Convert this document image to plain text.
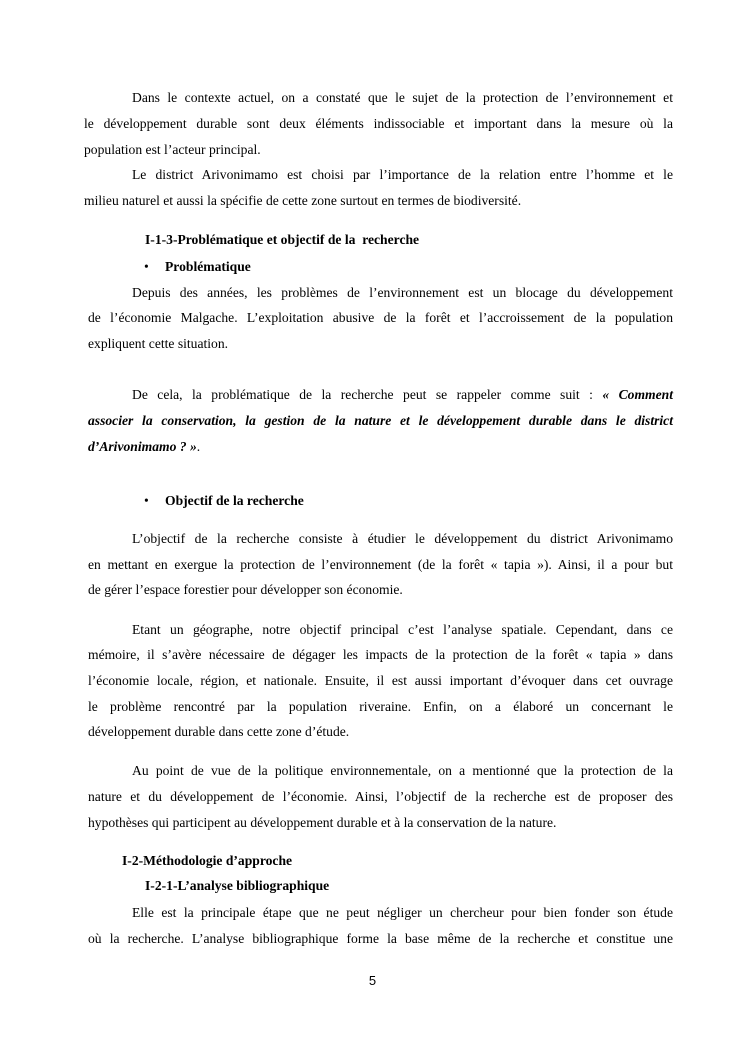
Dans le contexte actuel, on a constaté que le sujet de la protection de l’environnement et
le développement durable sont deux éléments indissociable et important dans la mesure où la
population est l’acteur principal.
Le district Arivonimamo est choisi par l’importance de la relation entre l’homme et le
milieu naturel et aussi la spécifie de cette zone surtout en termes de biodiversité.
I-1-3-Problématique et objectif de la  recherche
• Problématique
Depuis des années, les problèmes de l’environnement est un blocage du développement
de l’économie Malgache. L’exploitation abusive de la forêt et l’accroissement de la population
expliquent cette situation.
De cela, la problématique de la recherche peut se rappeler comme suit : « Comment
associer la conservation, la gestion de la nature et le développement durable dans le district
d’Arivonimamo ? ».
• Objectif de la recherche
L’objectif de la recherche consiste à étudier le développement du district Arivonimamo
en mettant en exergue la protection de l’environnement (de la forêt « tapia »). Ainsi, il a pour but
de gérer l’espace forestier pour développer son économie.
Etant un géographe, notre objectif principal c’est l’analyse spatiale. Cependant, dans ce
mémoire, il s’avère nécessaire de dégager les impacts de la protection de la forêt « tapia » dans
l’économie locale, région, et nationale. Ensuite, il est aussi important d’évoquer dans cet ouvrage
le problème rencontré par la population riveraine. Enfin, on a élaboré un concernant le
développement durable dans cette zone d’étude.
Au point de vue de la politique environnementale, on a mentionné que la protection de la
nature et du développement de l’économie. Ainsi, l’objectif de la recherche est de proposer des
hypothèses qui participent au développement durable et à la conservation de la nature.
I-2-Méthodologie d’approche
I-2-1-L’analyse bibliographique
Elle est la principale étape que ne peut négliger un chercheur pour bien fonder son étude
où la recherche. L’analyse bibliographique forme la base même de la recherche et constitue une
5
